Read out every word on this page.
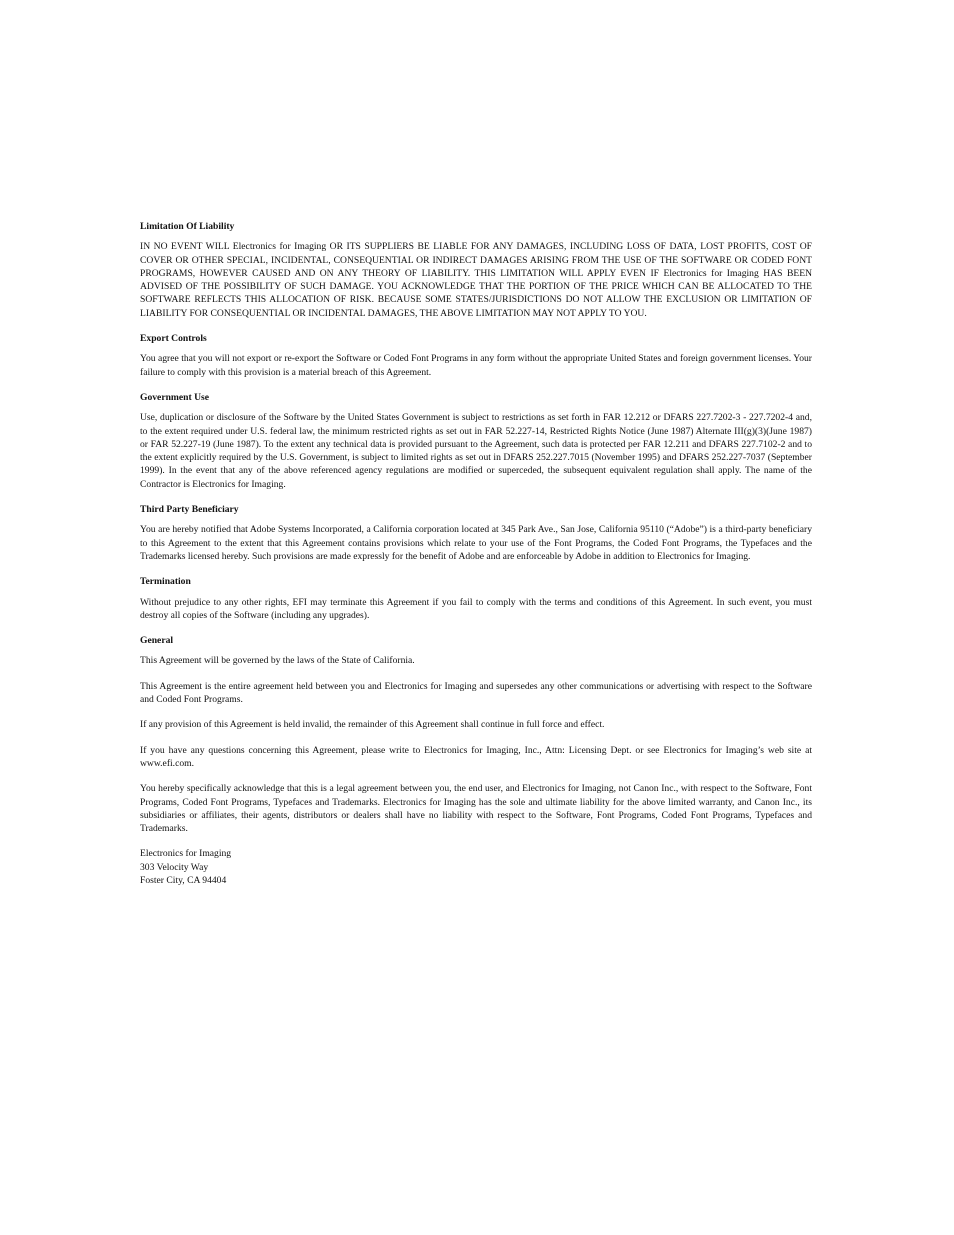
Limitation Of Liability

IN NO EVENT WILL Electronics for Imaging OR ITS SUPPLIERS BE LIABLE FOR ANY DAMAGES, INCLUDING LOSS OF DATA, LOST PROFITS, COST OF COVER OR OTHER SPECIAL, INCIDENTAL, CONSEQUENTIAL OR INDIRECT DAMAGES ARISING FROM THE USE OF THE SOFTWARE OR CODED FONT PROGRAMS, HOWEVER CAUSED AND ON ANY THEORY OF LIABILITY. THIS LIMITATION WILL APPLY EVEN IF Electronics for Imaging HAS BEEN ADVISED OF THE POSSIBILITY OF SUCH DAMAGE. YOU ACKNOWLEDGE THAT THE PORTION OF THE PRICE WHICH CAN BE ALLOCATED TO THE SOFTWARE REFLECTS THIS ALLOCATION OF RISK. BECAUSE SOME STATES/JURISDICTIONS DO NOT ALLOW THE EXCLUSION OR LIMITATION OF LIABILITY FOR CONSEQUENTIAL OR INCIDENTAL DAMAGES, THE ABOVE LIMITATION MAY NOT APPLY TO YOU.

Export Controls

You agree that you will not export or re-export the Software or Coded Font Programs in any form without the appropriate United States and foreign government licenses. Your failure to comply with this provision is a material breach of this Agreement.

Government Use

Use, duplication or disclosure of the Software by the United States Government is subject to restrictions as set forth in FAR 12.212 or DFARS 227.7202-3 - 227.7202-4 and, to the extent required under U.S. federal law, the minimum restricted rights as set out in FAR 52.227-14, Restricted Rights Notice (June 1987) Alternate III(g)(3)(June 1987) or FAR 52.227-19 (June 1987). To the extent any technical data is provided pursuant to the Agreement, such data is protected per FAR 12.211 and DFARS 227.7102-2 and to the extent explicitly required by the U.S. Government, is subject to limited rights as set out in DFARS 252.227.7015 (November 1995) and DFARS 252.227-7037 (September 1999). In the event that any of the above referenced agency regulations are modified or superceded, the subsequent equivalent regulation shall apply. The name of the Contractor is Electronics for Imaging.

Third Party Beneficiary

You are hereby notified that Adobe Systems Incorporated, a California corporation located at 345 Park Ave., San Jose, California 95110 (“Adobe”) is a third-party beneficiary to this Agreement to the extent that this Agreement contains provisions which relate to your use of the Font Programs, the Coded Font Programs, the Typefaces and the Trademarks licensed hereby. Such provisions are made expressly for the benefit of Adobe and are enforceable by Adobe in addition to Electronics for Imaging.

Termination

Without prejudice to any other rights, EFI may terminate this Agreement if you fail to comply with the terms and conditions of this Agreement. In such event, you must destroy all copies of the Software (including any upgrades).

General

This Agreement will be governed by the laws of the State of California.

This Agreement is the entire agreement held between you and Electronics for Imaging and supersedes any other communications or advertising with respect to the Software and Coded Font Programs.

If any provision of this Agreement is held invalid, the remainder of this Agreement shall continue in full force and effect.

If you have any questions concerning this Agreement, please write to Electronics for Imaging, Inc., Attn: Licensing Dept. or see Electronics for Imaging’s web site at www.efi.com.

You hereby specifically acknowledge that this is a legal agreement between you, the end user, and Electronics for Imaging, not Canon Inc., with respect to the Software, Font Programs, Coded Font Programs, Typefaces and Trademarks. Electronics for Imaging has the sole and ultimate liability for the above limited warranty, and Canon Inc., its subsidiaries or affiliates, their agents, distributors or dealers shall have no liability with respect to the Software, Font Programs, Coded Font Programs, Typefaces and Trademarks.

Electronics for Imaging
303 Velocity Way
Foster City, CA 94404
